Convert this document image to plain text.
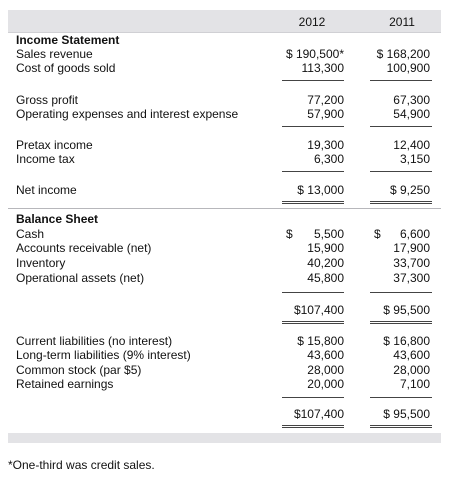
2012	2011
Income Statement
Sales revenue	$ 190,500*	$ 168,200
Cost of goods sold	113,300	100,900
Gross profit	77,200	67,300
Operating expenses and interest expense	57,900	54,900
Pretax income	19,300	12,400
Income tax	6,300	3,150
Net income	$ 13,000	$ 9,250
Balance Sheet
Cash	$	5,500	$	6,600
Accounts receivable (net)	15,900	17,900
Inventory	40,200	33,700
Operational assets (net)	45,800	37,300
$107,400	$ 95,500
Current liabilities (no interest)	$ 15,800	$ 16,800
Long-term liabilities (9% interest)	43,600	43,600
Common stock (par $5)	28,000	28,000
Retained earnings	20,000	7,100
$107,400	$ 95,500
*One-third was credit sales.
